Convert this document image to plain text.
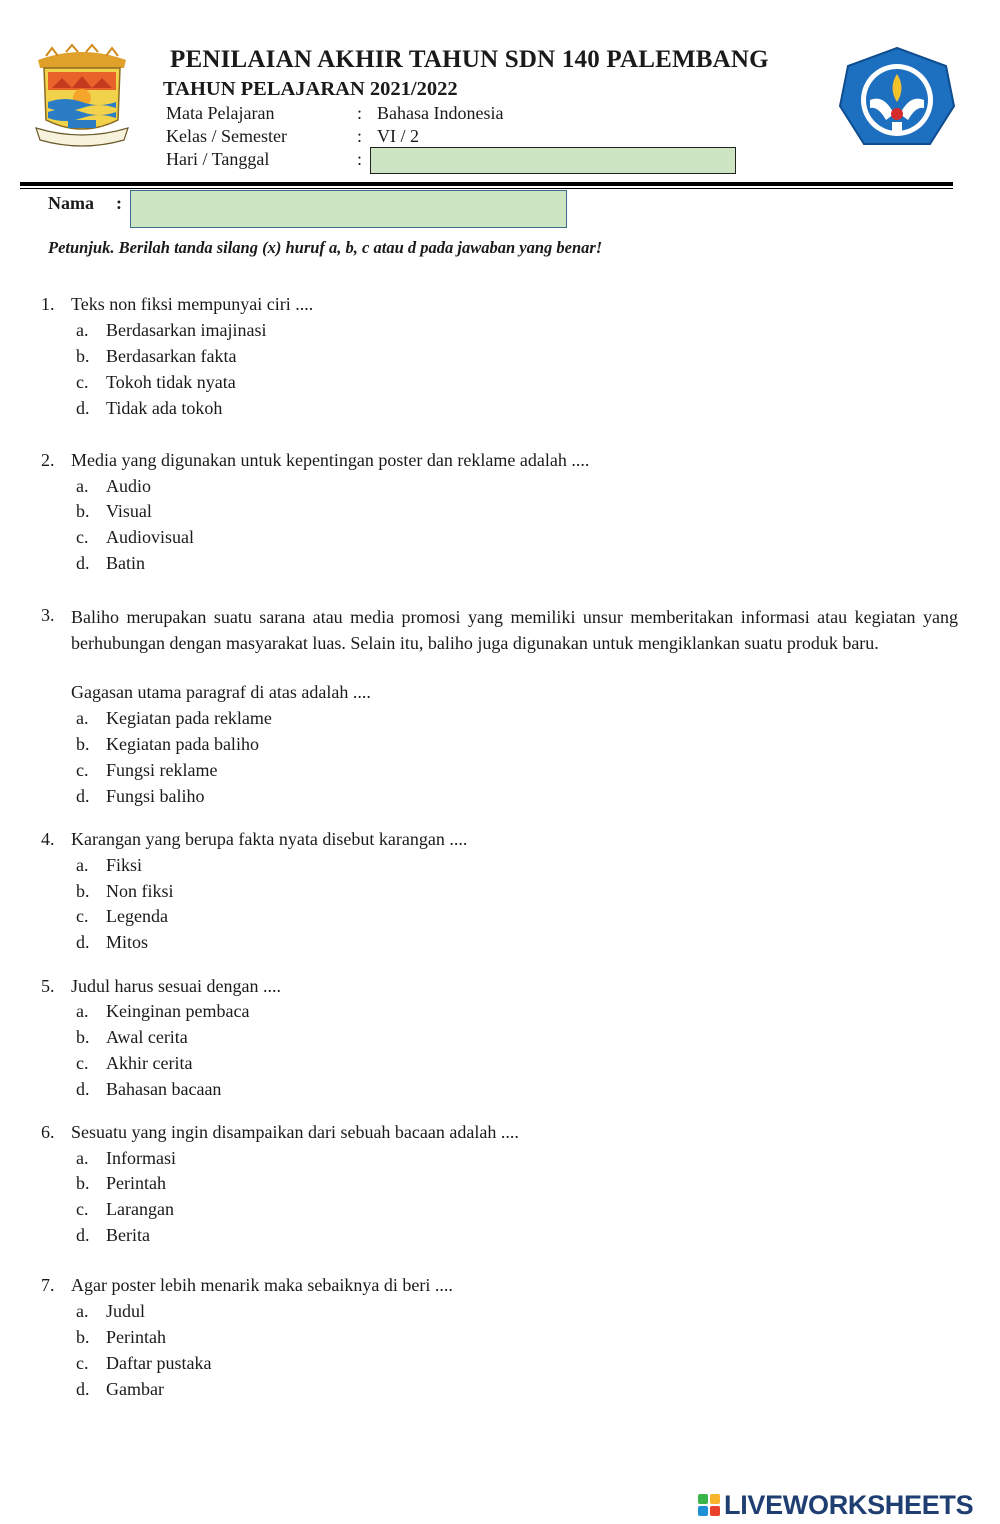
PENILAIAN AKHIR TAHUN SDN 140 PALEMBANG
TAHUN PELAJARAN 2021/2022
Mata Pelajaran	: Bahasa Indonesia
Kelas / Semester	: VI / 2
Hari / Tanggal	:
Nama :
Petunjuk. Berilah tanda silang (x) huruf a, b, c atau d pada jawaban yang benar!
1. Teks non fiksi mempunyai ciri ....
a. Berdasarkan imajinasi
b. Berdasarkan fakta
c. Tokoh tidak nyata
d. Tidak ada tokoh
2. Media yang digunakan untuk kepentingan poster dan reklame adalah ....
a. Audio
b. Visual
c. Audiovisual
d. Batin
3. Baliho merupakan suatu sarana atau media promosi yang memiliki unsur memberitakan informasi atau kegiatan yang berhubungan dengan masyarakat luas. Selain itu, baliho juga digunakan untuk mengiklankan suatu produk baru.
Gagasan utama paragraf di atas adalah ....
a. Kegiatan pada reklame
b. Kegiatan pada baliho
c. Fungsi reklame
d. Fungsi baliho
4. Karangan yang berupa fakta nyata disebut karangan ....
a. Fiksi
b. Non fiksi
c. Legenda
d. Mitos
5. Judul harus sesuai dengan ....
a. Keinginan pembaca
b. Awal cerita
c. Akhir cerita
d. Bahasan bacaan
6. Sesuatu yang ingin disampaikan dari sebuah bacaan adalah ....
a. Informasi
b. Perintah
c. Larangan
d. Berita
7. Agar poster lebih menarik maka sebaiknya di beri ....
a. Judul
b. Perintah
c. Daftar pustaka
d. Gambar
LIVEWORKSHEETS
